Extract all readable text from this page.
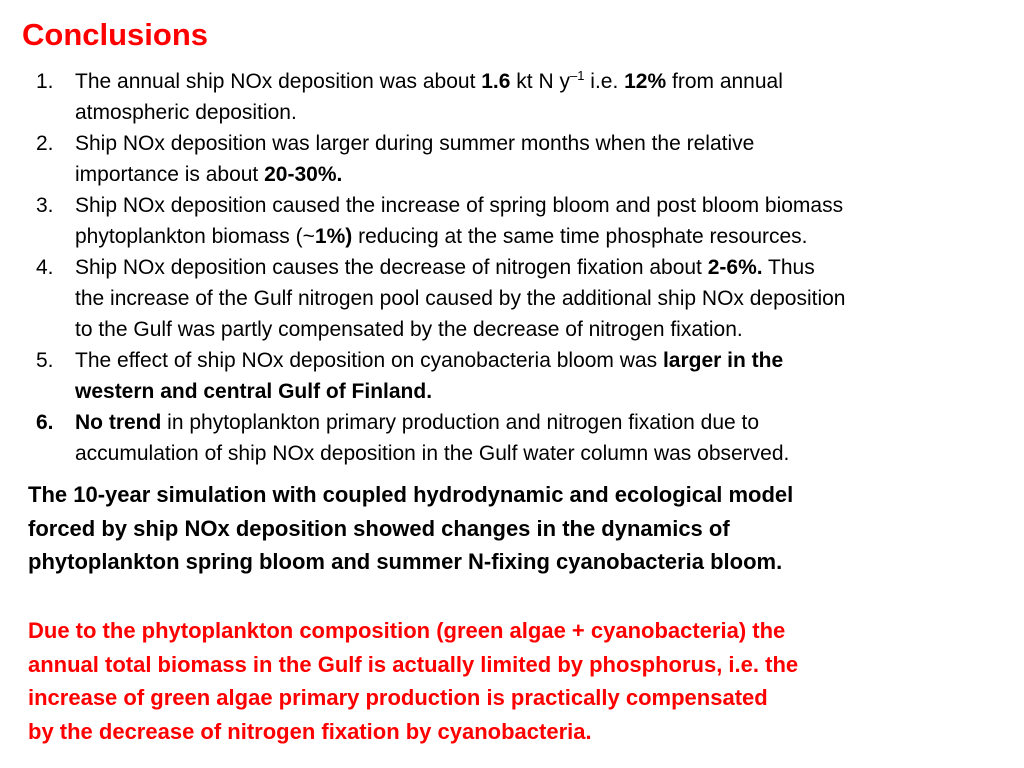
Conclusions
1. The annual ship NOx deposition was about 1.6 kt N $y^{-1}$ i.e. 12% from annual
atmospheric deposition.
2. Ship NOx deposition was larger during summer months when the relative
importance is about 20-30%.
3. Ship NOx deposition caused the increase of spring bloom and post bloom biomass
phytoplankton biomass (~1%) reducing at the same time phosphate resources.
4. Ship NOx deposition causes the decrease of nitrogen fixation about 2-6%. Thus
the increase of the Gulf nitrogen pool caused by the additional ship NOx deposition
to the Gulf was partly compensated by the decrease of nitrogen fixation.
5. The effect of ship NOx deposition on cyanobacteria bloom was larger in the
western and central Gulf of Finland.
6. No trend in phytoplankton primary production and nitrogen fixation due to
accumulation of ship NOx deposition in the Gulf water column was observed.
The 10-year simulation with coupled hydrodynamic and ecological model
forced by ship NOx deposition showed changes in the dynamics of
phytoplankton spring bloom and summer N-fixing cyanobacteria bloom.
Due to the phytoplankton composition (green algae + cyanobacteria) the
annual total biomass in the Gulf is actually limited by phosphorus, i.e. the
increase of green algae primary production is practically compensated
by the decrease of nitrogen fixation by cyanobacteria.
